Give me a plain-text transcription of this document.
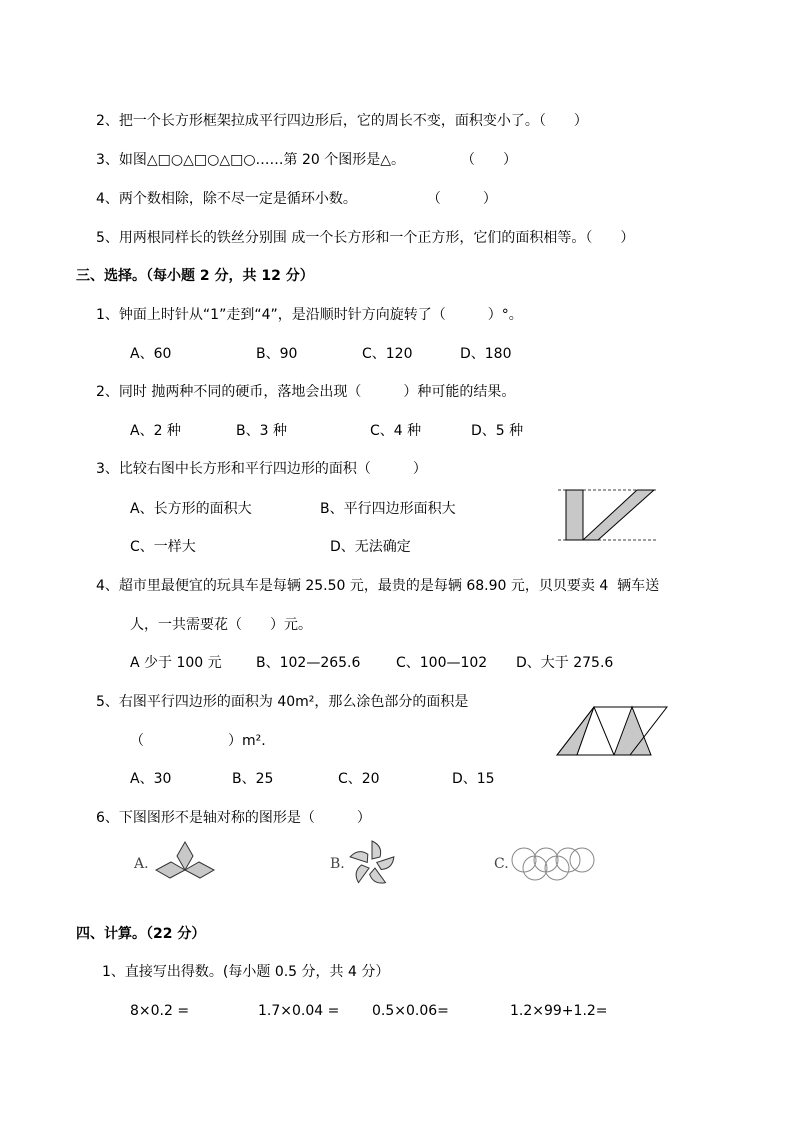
2、把一个长方形框架拉成平行四边形后，它的周长不变，面积变小了。（　　）
3、如图△□○△□○△□○……第 20 个图形是△。　　　　　（　　）
4、两个数相除，除不尽一定是循环小数。　　　　　　（　　　）
5、用两根同样长的铁丝分别围 成一个长方形和一个正方形，它们的面积相等。（　　）
三、选择。（每小题 2 分，共 12 分）
1、钟面上时针从“1”走到“4”，是沿顺时针方向旋转了（　　　）°。
A、60	B、90	C、120	D、180
2、同时 抛两种不同的硬币，落地会出现（　　　）种可能的结果。
A、2 种	B、3 种	C、4 种	D、5 种
3、比较右图中长方形和平行四边形的面积（　　　）
A、长方形的面积大	B、平行四边形面积大
C、一样大	D、无法确定
4、超市里最便宜的玩具车是每辆 25.50 元，最贵的是每辆 68.90 元，贝贝要卖 4  辆车送
人，一共需要花（　　）元。
A 少于 100 元 B、102—265.6	C、100—102 D、大于 275.6
5、右图平行四边形的面积为 40m²，那么涂色部分的面积是
（　　　　　　）m².
A、30	B、25	C、20	D、15
6、下图图形不是轴对称的图形是（　　　）
A.	B.	C.
四、计算。（22 分）
1、直接写出得数。(每小题 0.5 分，共 4 分）
8×0.2 =	1.7×0.04 = 0.5×0.06=	1.2×99+1.2=
